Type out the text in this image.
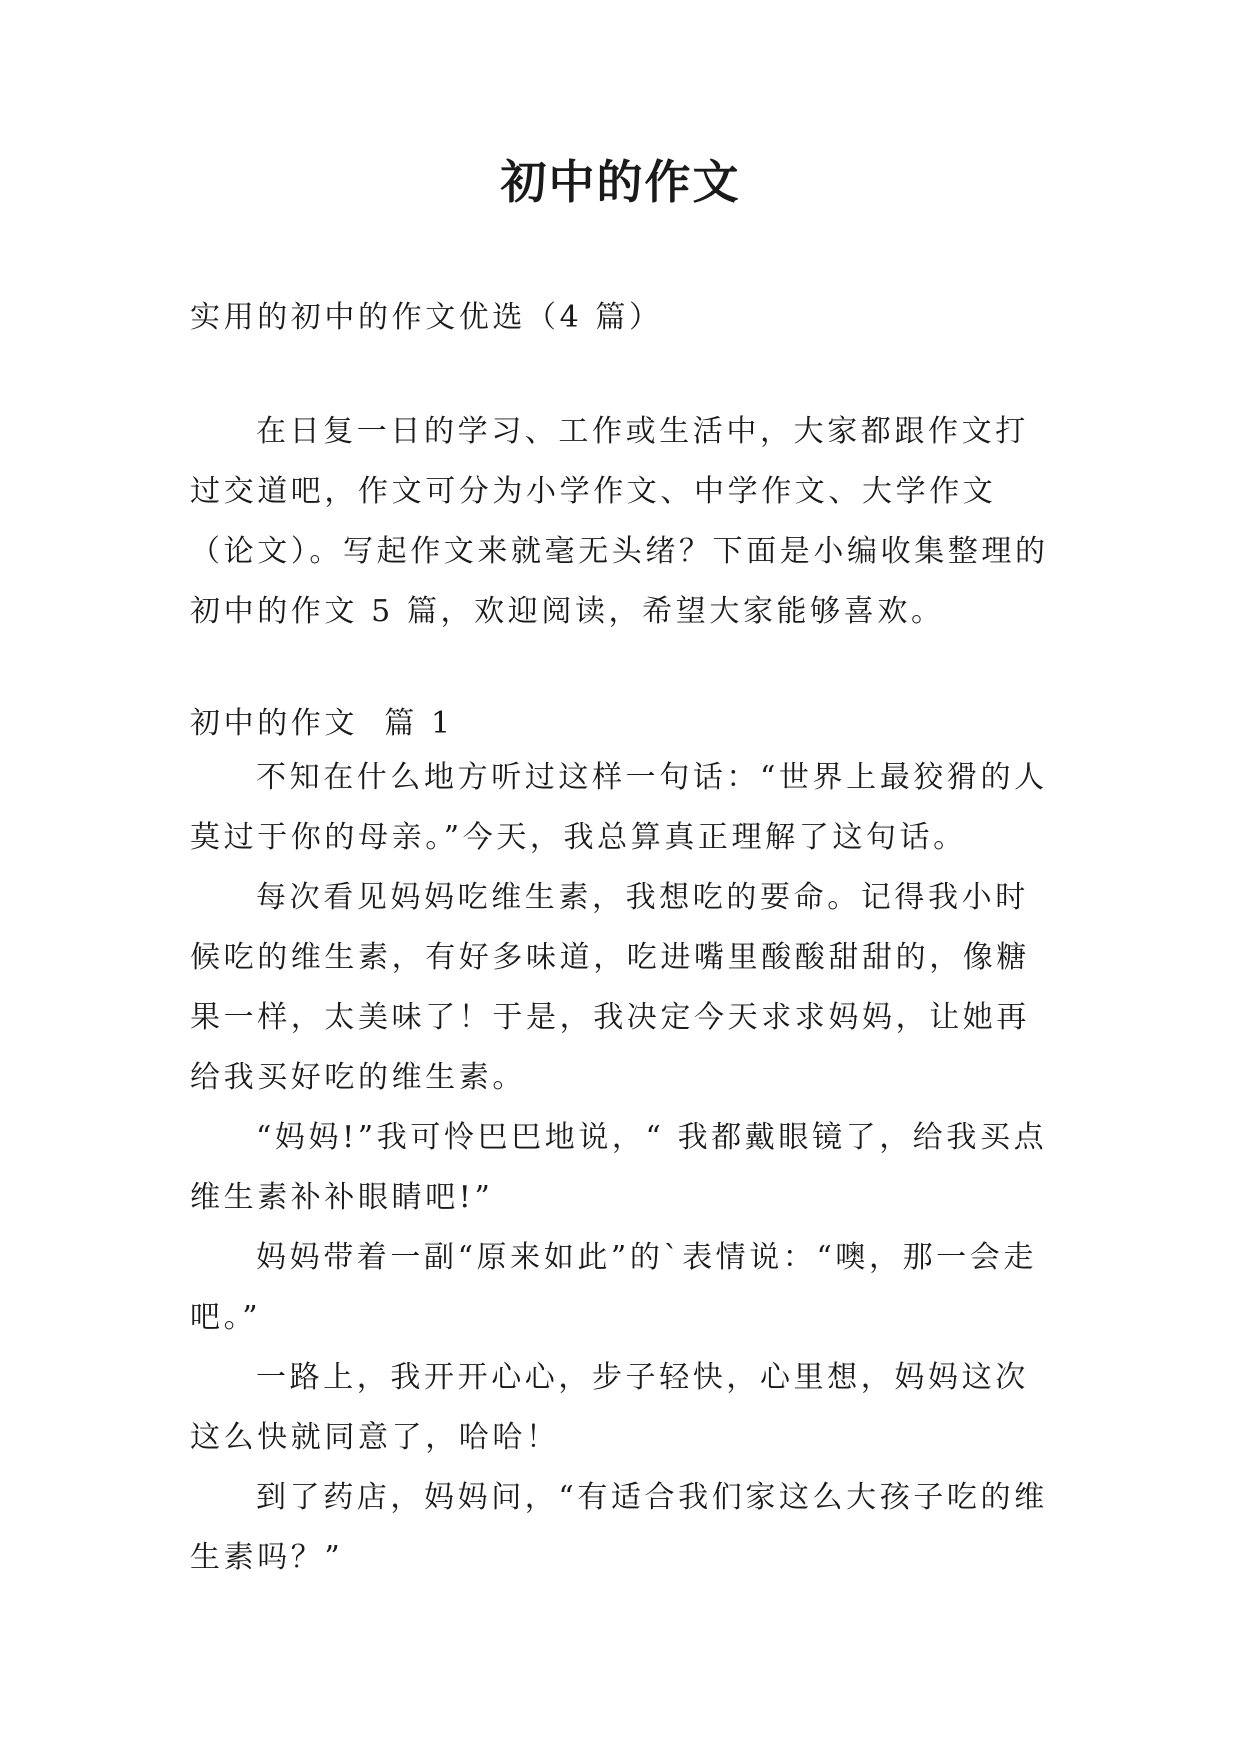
初中的作文

实用的初中的作文优选（4 篇）

在日复一日的学习、工作或生活中，大家都跟作文打过交道吧，作文可分为小学作文、中学作文、大学作文（论文）。写起作文来就毫无头绪？下面是小编收集整理的初中的作文 5 篇，欢迎阅读，希望大家能够喜欢。

初中的作文  篇 1

不知在什么地方听过这样一句话：“世界上最狡猾的人莫过于你的母亲。”今天，我总算真正理解了这句话。

每次看见妈妈吃维生素，我想吃的要命。记得我小时候吃的维生素，有好多味道，吃进嘴里酸酸甜甜的，像糖果一样，太美味了！于是，我决定今天求求妈妈，让她再给我买好吃的维生素。

“妈妈!”我可怜巴巴地说，“ 我都戴眼镜了，给我买点维生素补补眼睛吧!”

妈妈带着一副“原来如此”的`表情说：“噢，那一会走吧。”

一路上，我开开心心，步子轻快，心里想，妈妈这次这么快就同意了，哈哈！

到了药店，妈妈问，“有适合我们家这么大孩子吃的维生素吗？”
